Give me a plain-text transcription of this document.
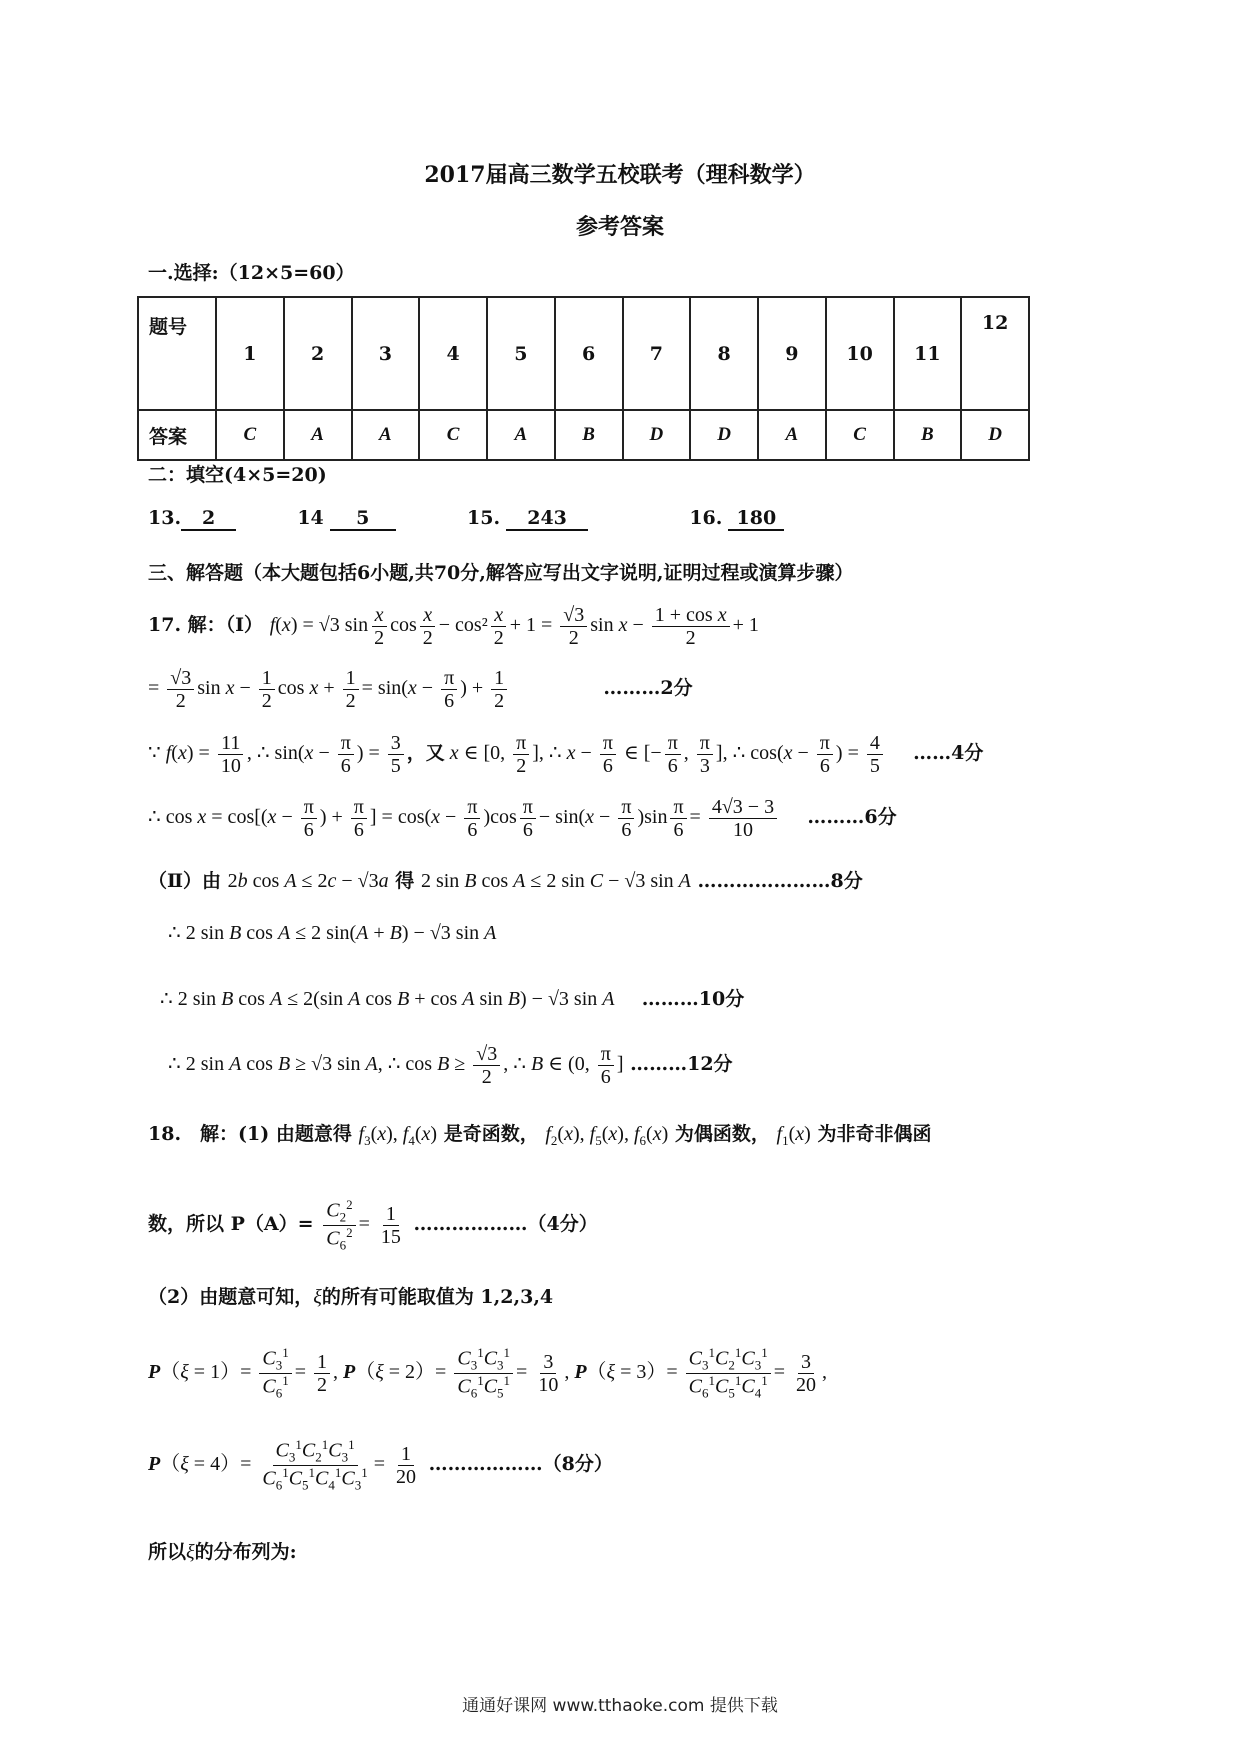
2017届高三数学五校联考（理科数学）
参考答案
一.选择:（12×5=60）
题号	1	2	3	4	5	6	7	8	9	10	11	12
答案	C	A	A	C	A	B	D	D	A	C	B	D
二：填空(4×5=20)
13. 2	14 5	15. 243	16. 180
三、解答题（本大题包括6小题,共70分,解答应写出文字说明,证明过程或演算步骤）
17. 解：（Ⅰ） f(x) = √3 $\sin \frac{x}{2}$ $\cos \frac{x}{2} - \cos^2 \frac{x}{2} + 1 = \frac{√3}{2}$ $\sin x - \frac{\text{1 + cos x}}{2} + 1$
= $\frac{√3}{2}$ $\sin x - \frac{1}{2}$ $\cos x + \frac{1}{2} = \sin(x - \frac{\pi}{6}$ ) + $\frac{1}{2}$	………2分
∵ $f(x) = \frac{11}{10}$ , ∴ $\sin(x - \frac{\pi}{6}$ ) = $\frac{3}{5}$ ，又 x ∈ [0, $\frac{\pi}{2}$ ], ∴ $x - \frac{\pi}{6}$ ∈ [− $\frac{\pi}{6}$ , $\frac{\pi}{3}$ ], ∴ $\cos(x - \frac{\pi}{6}$ ) = $\frac{4}{5}$ ……4分
∴ $\cos x = \cos[(x - \frac{\pi}{6}$ ) + $\frac{\pi}{6}$ ] = $\cos(x - \frac{\pi}{6} )\cos \frac{\pi}{6} - \sin(x - \frac{\pi}{6} )\sin \frac{\pi}{6} = \frac{4√3 - 3}{10}$ ………6分
（Ⅱ）由 2b cos A ≤ 2c − √3a 得 2 sin B cos A ≤ 2 sin C − √3 sin A …………………8分
∴ 2 sin B cos A ≤ 2 sin(A + B) − √3 sin A
∴ 2 sin B cos A ≤ 2(sin A cos B + cos A sin B) − √3 sin A ………10分
∴ 2 sin A cos B ≥ √3 sin A, ∴ $\cos B \ge \frac{√3}{2}$ , ∴ B ∈ (0, $\frac{\pi}{6}$ ] ………12分
18.　解：(1) 由题意得 $f_3(x)$, $f_4(x)$ 是奇函数， $f_2(x)$, $f_5(x)$, $f_6(x)$ 为偶函数， $f_1(x)$ 为非奇非偶函
数，所以 $P(A)= \frac{C_2^2}{C_6^2} = \frac{1}{15}$ ………………（4分）
（2）由题意可知，ξ的所有可能取值为 1,2,3,4
$P(\xi = 1)= \frac{C_3^1}{C_6^1} = \frac{1}{2}$ , $P(\xi = 2)= \frac{C_3^1C_3^1}{C_6^1C_5^1} = \frac{3}{10}$ , $P(\xi = 3)= \frac{C_3^1C_2^1C_3^1}{C_6^1C_5^1C_4^1} = \frac{3}{20}$ ,
$P(\xi = 4)= \frac{C_3^1C_2^1C_3^1}{C_6^1C_5^1C_4^1C_3^1} = \frac{1}{20}$ ………………（8分）
所以ξ的分布列为:
通通好课网 www.tthaoke.com 提供下载
